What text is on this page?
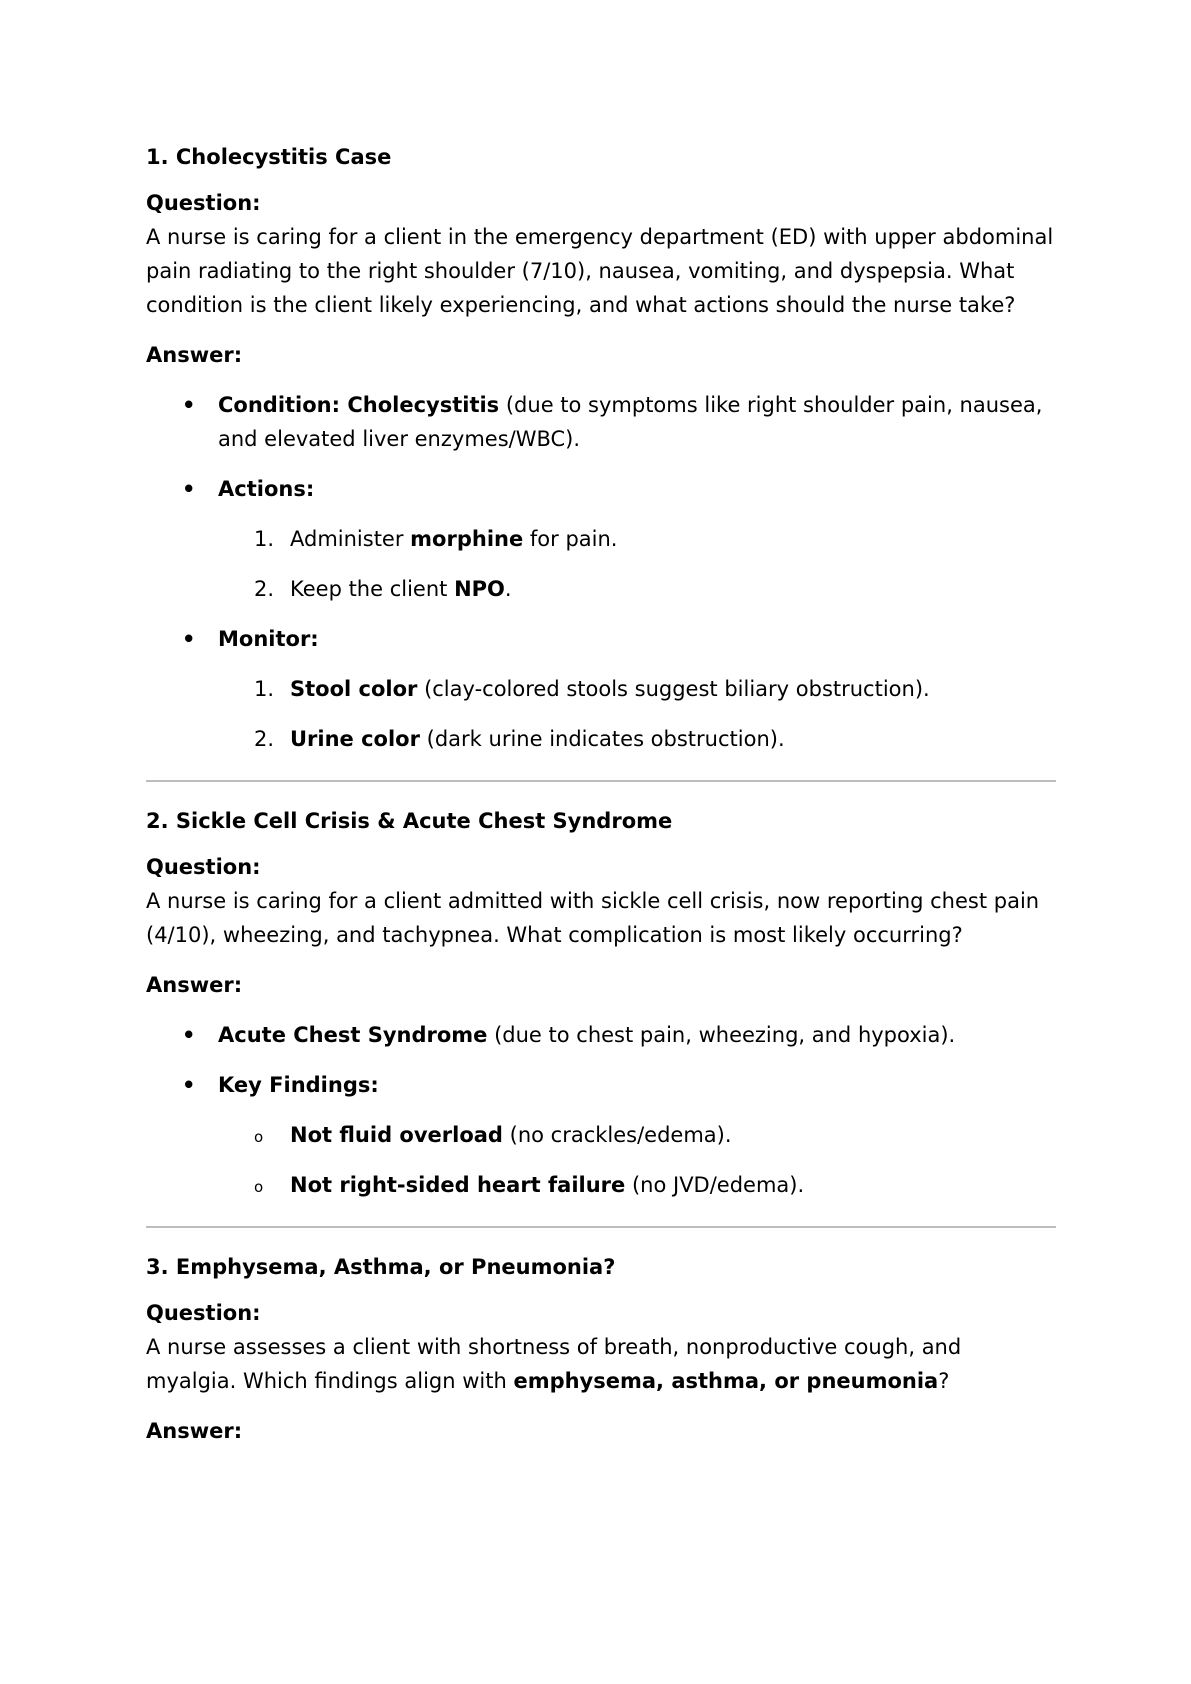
1. Cholecystitis Case

Question:

A nurse is caring for a client in the emergency department (ED) with upper abdominal pain radiating to the right shoulder (7/10), nausea, vomiting, and dyspepsia. What condition is the client likely experiencing, and what actions should the nurse take?

Answer:

• Condition: Cholecystitis (due to symptoms like right shoulder pain, nausea, and elevated liver enzymes/WBC).
• Actions:
1. Administer morphine for pain.
2. Keep the client NPO.
• Monitor:
1. Stool color (clay-colored stools suggest biliary obstruction).
2. Urine color (dark urine indicates obstruction).

2. Sickle Cell Crisis & Acute Chest Syndrome

Question:

A nurse is caring for a client admitted with sickle cell crisis, now reporting chest pain (4/10), wheezing, and tachypnea. What complication is most likely occurring?

Answer:

• Acute Chest Syndrome (due to chest pain, wheezing, and hypoxia).
• Key Findings:
o	Not fluid overload (no crackles/edema).
o	Not right-sided heart failure (no JVD/edema).

3. Emphysema, Asthma, or Pneumonia?

Question:

A nurse assesses a client with shortness of breath, nonproductive cough, and myalgia. Which findings align with emphysema, asthma, or pneumonia?

Answer:
